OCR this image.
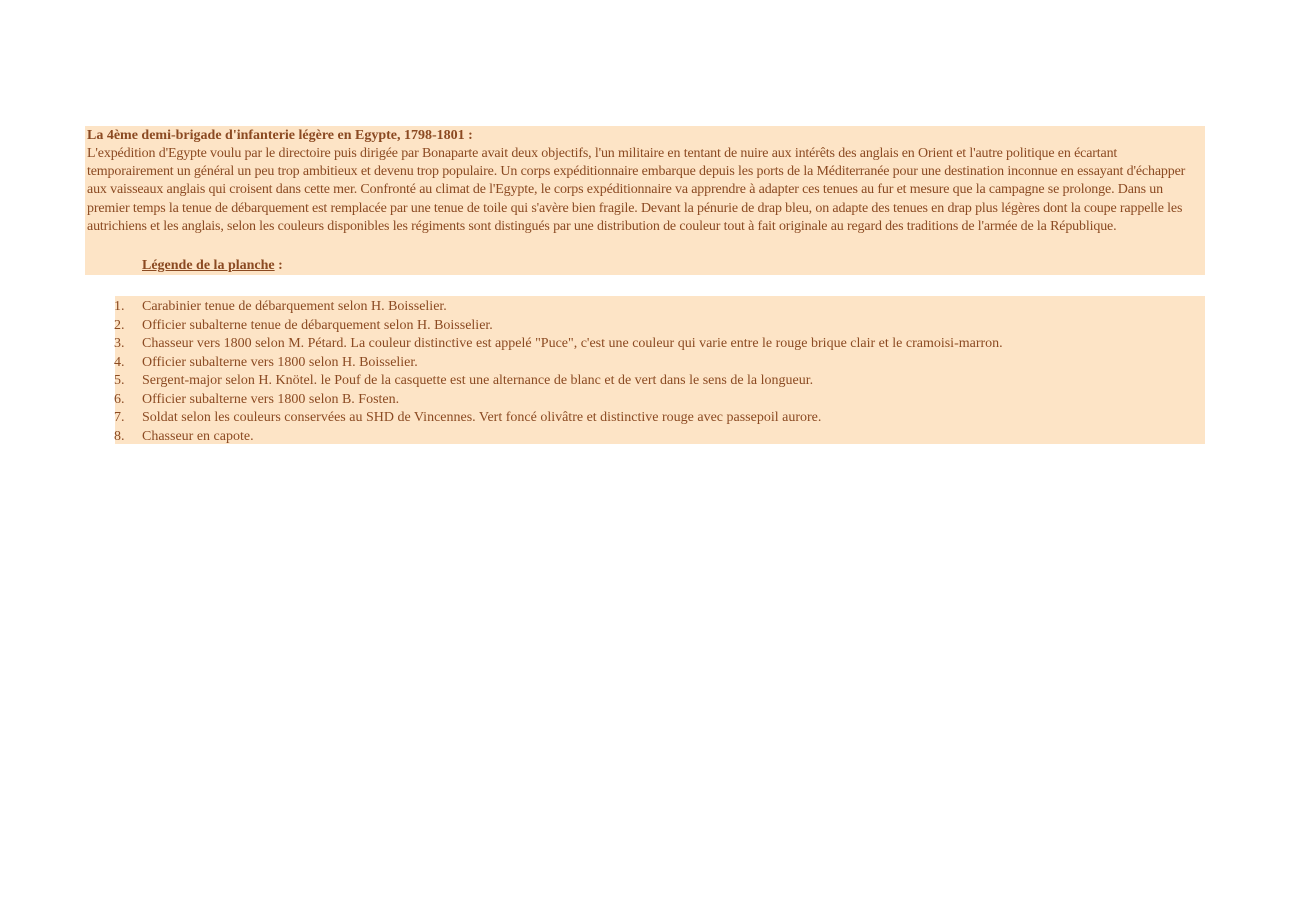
La 4ème demi-brigade d'infanterie légère en Egypte, 1798-1801 :
L'expédition d'Egypte voulu par le directoire puis dirigée par Bonaparte avait deux objectifs, l'un militaire en tentant de nuire aux intérêts des anglais en Orient et l'autre politique en écartant temporairement un général un peu trop ambitieux et devenu trop populaire. Un corps expéditionnaire embarque depuis les ports de la Méditerranée pour une destination inconnue en essayant d'échapper aux vaisseaux anglais qui croisent dans cette mer. Confronté au climat de l'Egypte, le corps expéditionnaire va apprendre à adapter ces tenues au fur et mesure que la campagne se prolonge. Dans un premier temps la tenue de débarquement est remplacée par une tenue de toile qui s'avère bien fragile. Devant la pénurie de drap bleu, on adapte des tenues en drap plus légères dont la coupe rappelle les autrichiens et les anglais, selon les couleurs disponibles les régiments sont distingués par une distribution de couleur tout à fait originale au regard des traditions de l'armée de la République.
Légende de la planche :
1.	Carabinier tenue de débarquement selon H. Boisselier.
2.	Officier subalterne tenue de débarquement selon H. Boisselier.
3.	Chasseur vers 1800 selon M. Pétard. La couleur distinctive est appelé "Puce", c'est une couleur qui varie entre le rouge brique clair et le cramoisi-marron.
4.	Officier subalterne vers 1800 selon H. Boisselier.
5.	Sergent-major selon H. Knötel. le Pouf de la casquette est une alternance de blanc et de vert dans le sens de la longueur.
6.	Officier subalterne vers 1800 selon B. Fosten.
7.	Soldat selon les couleurs conservées au SHD de Vincennes. Vert foncé olivâtre et distinctive rouge avec passepoil aurore.
8.	Chasseur en capote.
